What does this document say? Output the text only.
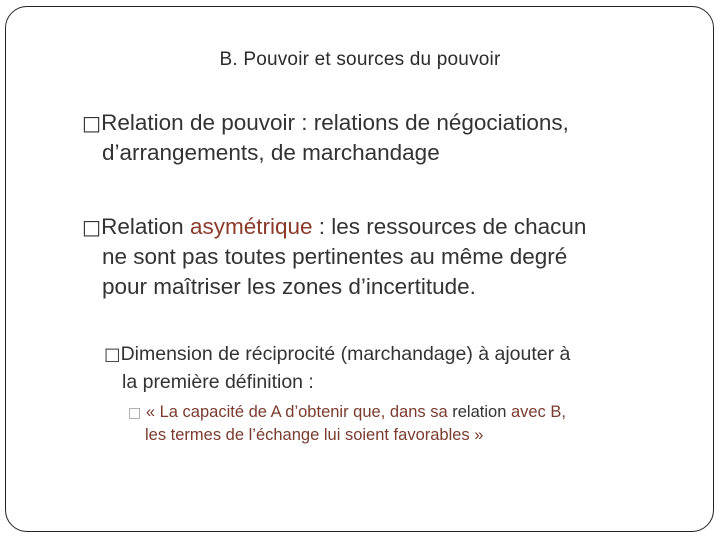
B. Pouvoir et sources du pouvoir
□Relation de pouvoir : relations de négociations,
d’arrangements, de marchandage
□Relation asymétrique : les ressources de chacun
ne sont pas toutes pertinentes au même degré
pour maîtriser les zones d’incertitude.
□Dimension de réciprocité (marchandage) à ajouter à
la première définition :
□ « La capacité de A d’obtenir que, dans sa relation avec B,
les termes de l’échange lui soient favorables »
